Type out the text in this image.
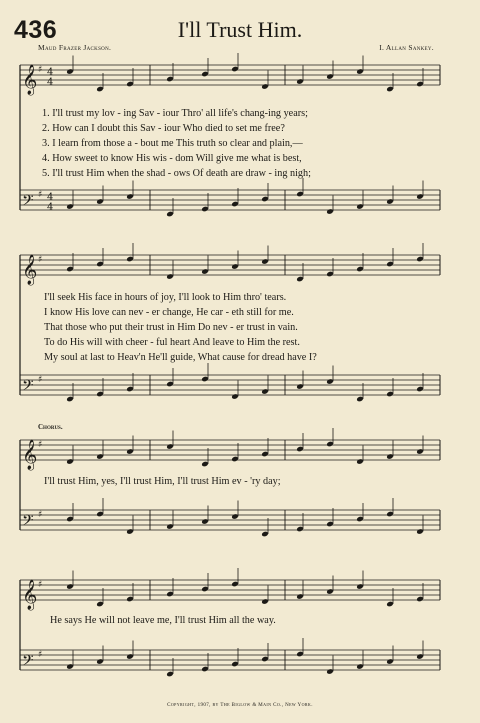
436	I'll Trust Him.
Maud Frazer Jackson.	I. Allan Sankey.
𝄞 ♯ 4
4
𝄢 ♯ 4
4
𝄞 ♯
𝄢 ♯
𝄞 ♯
𝄢 ♯
𝄞 ♯
𝄢 ♯
1. I'll trust my lov - ing Sav - iour Thro' all life's chang-ing years;
2. How can I doubt this Sav - iour Who died to set me free?
3. I learn from those a - bout me This truth so clear and plain,—
4. How sweet to know His wis - dom Will give me what is best,
5. I'll trust Him when the shad - ows Of death are draw - ing nigh;
I'll seek His face in hours of joy, I'll look to Him thro' tears.
I know His love can nev - er change, He car - eth still for me.
That those who put their trust in Him Do nev - er trust in vain.
To do His will with cheer - ful heart And leave to Him the rest.
My soul at last to Heav'n He'll guide, What cause for dread have I?
Chorus.
I'll trust Him, yes, I'll trust Him, I'll trust Him ev - 'ry day;
He says He will not leave me, I'll trust Him all the way.
Copyright, 1907, by The Biglow & Main Co., New York.
